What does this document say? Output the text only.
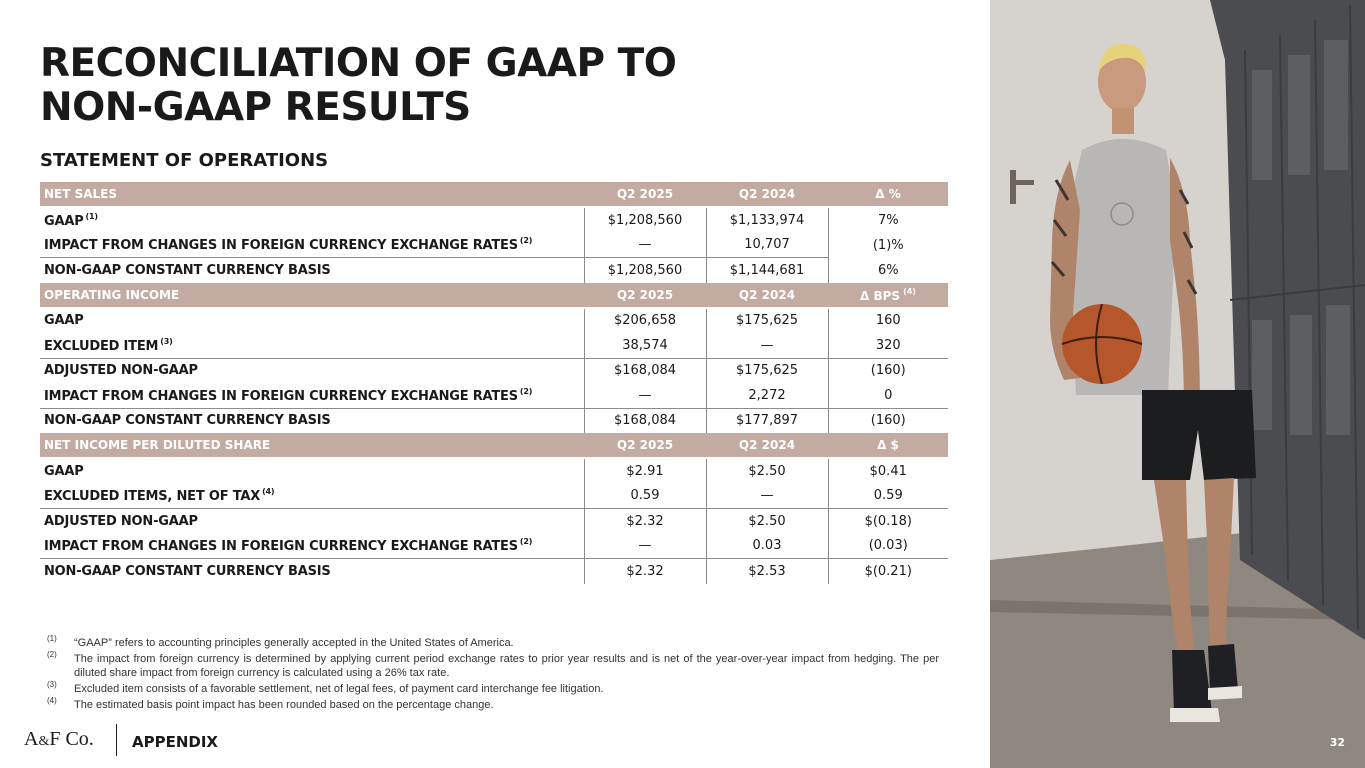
RECONCILIATION OF GAAP TO
NON-GAAP RESULTS
STATEMENT OF OPERATIONS
NET SALES	Q2 2025	Q2 2024	Δ %
GAAP $^{(1)}$	$1,208,560	$1,133,974	7%
IMPACT FROM CHANGES IN FOREIGN CURRENCY EXCHANGE RATES $^{(2)}$	—	10,707	(1)%
NON-GAAP CONSTANT CURRENCY BASIS	$1,208,560	$1,144,681	6%
OPERATING INCOME	Q2 2025	Q2 2024	Δ BPS $^{(4)}$
GAAP	$206,658	$175,625	160
EXCLUDED ITEM $^{(3)}$	38,574	—	320
ADJUSTED NON-GAAP	$168,084	$175,625	(160)
IMPACT FROM CHANGES IN FOREIGN CURRENCY EXCHANGE RATES $^{(2)}$	—	2,272	0
NON-GAAP CONSTANT CURRENCY BASIS	$168,084	$177,897	(160)
NET INCOME PER DILUTED SHARE	Q2 2025	Q2 2024	Δ $
GAAP	$2.91	$2.50	$0.41
EXCLUDED ITEMS, NET OF TAX $^{(4)}$	0.59	—	0.59
ADJUSTED NON-GAAP	$2.32	$2.50	$(0.18)
IMPACT FROM CHANGES IN FOREIGN CURRENCY EXCHANGE RATES $^{(2)}$	—	0.03	(0.03)
NON-GAAP CONSTANT CURRENCY BASIS	$2.32	$2.53	$(0.21)
(1) “GAAP” refers to accounting principles generally accepted in the United States of America.
(2) The impact from foreign currency is determined by applying current period exchange rates to prior year results and is net of the year-over-year impact from hedging. The per diluted share impact from foreign currency is calculated using a 26% tax rate.
(3) Excluded item consists of a favorable settlement, net of legal fees, of payment card interchange fee litigation.
(4) The estimated basis point impact has been rounded based on the percentage change.
A&F Co.	APPENDIX	32
